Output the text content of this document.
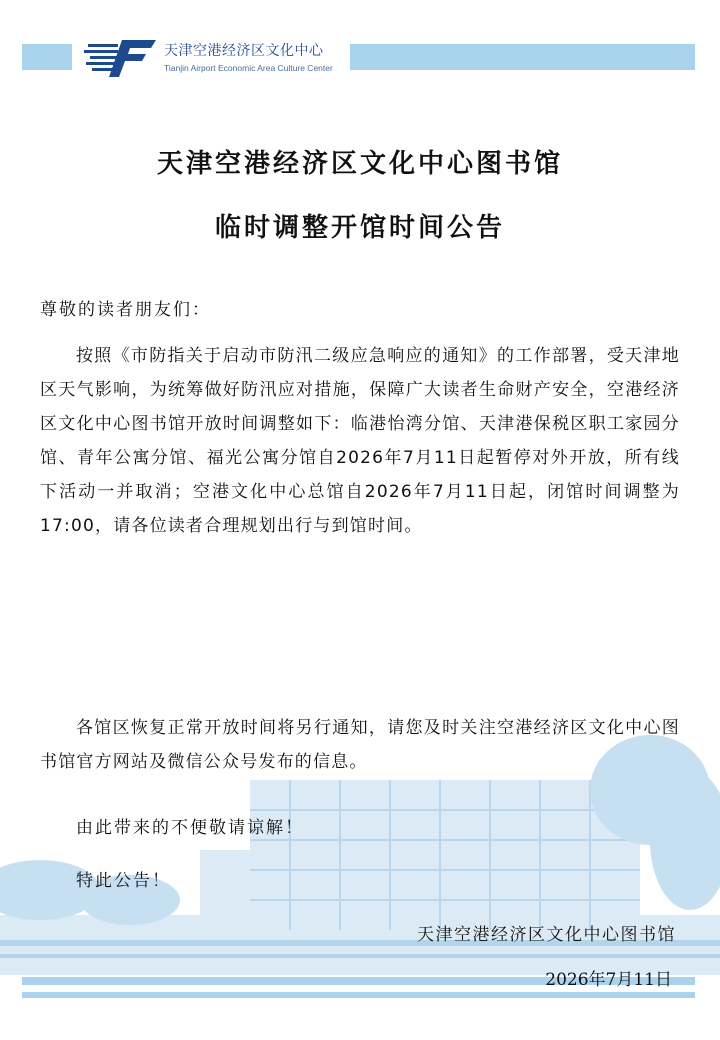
天津空港经济区文化中心
Tianjin Airport Economic Area Culture Center
天津空港经济区文化中心图书馆
临时调整开馆时间公告
尊敬的读者朋友们：
按照《市防指关于启动市防汛二级应急响应的通知》的工作部署，受天津地区天气影响，为统筹做好防汛应对措施，保障广大读者生命财产安全，空港经济区文化中心图书馆开放时间调整如下：临港怡湾分馆、天津港保税区职工家园分馆、青年公寓分馆、福光公寓分馆自2026年7月11日起暂停对外开放，所有线下活动一并取消；空港文化中心总馆自2026年7月11日起，闭馆时间调整为17:00，请各位读者合理规划出行与到馆时间。
各馆区恢复正常开放时间将另行通知，请您及时关注空港经济区文化中心图书馆官方网站及微信公众号发布的信息。
由此带来的不便敬请谅解！
特此公告！
天津空港经济区文化中心图书馆
2026年7月11日
